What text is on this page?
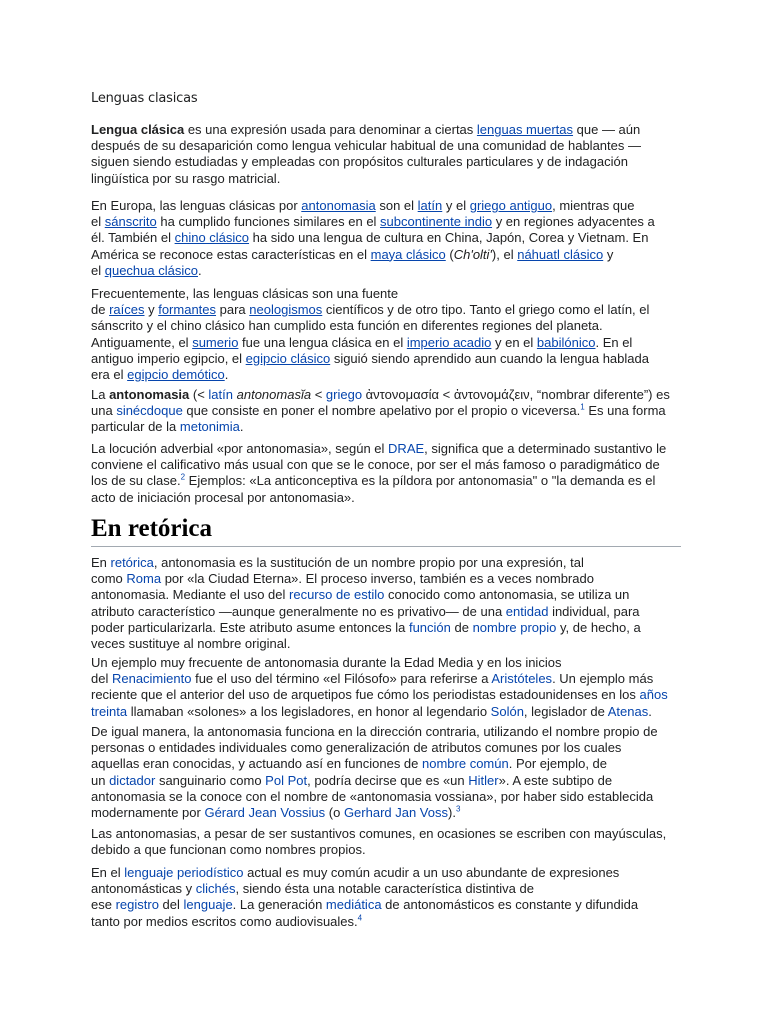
Lenguas clasicas
Lengua clásica es una expresión usada para denominar a ciertas lenguas muertas que — aún
después de su desaparición como lengua vehicular habitual de una comunidad de hablantes —
siguen siendo estudiadas y empleadas con propósitos culturales particulares y de indagación
lingüística por su rasgo matricial.
En Europa, las lenguas clásicas por antonomasia son el latín y el griego antiguo, mientras que
el sánscrito ha cumplido funciones similares en el subcontinente indio y en regiones adyacentes a
él. También el chino clásico ha sido una lengua de cultura en China, Japón, Corea y Vietnam. En
América se reconoce estas características en el maya clásico (Ch'olti'), el náhuatl clásico y
el quechua clásico.
Frecuentemente, las lenguas clásicas son una fuente
de raíces y formantes para neologismos científicos y de otro tipo. Tanto el griego como el latín, el
sánscrito y el chino clásico han cumplido esta función en diferentes regiones del planeta.
Antiguamente, el sumerio fue una lengua clásica en el imperio acadio y en el babilónico. En el
antiguo imperio egipcio, el egipcio clásico siguió siendo aprendido aun cuando la lengua hablada
era el egipcio demótico.
La antonomasia (< latín antonomasĭa < griego ἀντονομασία < ἀντονομάζειν, “nombrar diferente”) es
una sinécdoque que consiste en poner el nombre apelativo por el propio o viceversa.$^1$ Es una forma
particular de la metonimia.
La locución adverbial «por antonomasia», según el DRAE, significa que a determinado sustantivo le
conviene el calificativo más usual con que se le conoce, por ser el más famoso o paradigmático de
los de su clase.$^2$ Ejemplos: «La anticonceptiva es la píldora por antonomasia" o "la demanda es el
acto de iniciación procesal por antonomasia».
En retórica
En retórica, antonomasia es la sustitución de un nombre propio por una expresión, tal
como Roma por «la Ciudad Eterna». El proceso inverso, también es a veces nombrado
antonomasia. Mediante el uso del recurso de estilo conocido como antonomasia, se utiliza un
atributo característico —aunque generalmente no es privativo— de una entidad individual, para
poder particularizarla. Este atributo asume entonces la función de nombre propio y, de hecho, a
veces sustituye al nombre original.
Un ejemplo muy frecuente de antonomasia durante la Edad Media y en los inicios
del Renacimiento fue el uso del término «el Filósofo» para referirse a Aristóteles. Un ejemplo más
reciente que el anterior del uso de arquetipos fue cómo los periodistas estadounidenses en los años
treinta llamaban «solones» a los legisladores, en honor al legendario Solón, legislador de Atenas.
De igual manera, la antonomasia funciona en la dirección contraria, utilizando el nombre propio de
personas o entidades individuales como generalización de atributos comunes por los cuales
aquellas eran conocidas, y actuando así en funciones de nombre común. Por ejemplo, de
un dictador sanguinario como Pol Pot, podría decirse que es «un Hitler». A este subtipo de
antonomasia se la conoce con el nombre de «antonomasia vossiana», por haber sido establecida
modernamente por Gérard Jean Vossius (o Gerhard Jan Voss).$^3$
Las antonomasias, a pesar de ser sustantivos comunes, en ocasiones se escriben con mayúsculas,
debido a que funcionan como nombres propios.
En el lenguaje periodístico actual es muy común acudir a un uso abundante de expresiones
antonomásticas y clichés, siendo ésta una notable característica distintiva de
ese registro del lenguaje. La generación mediática de antonomásticos es constante y difundida
tanto por medios escritos como audiovisuales.$^4$
